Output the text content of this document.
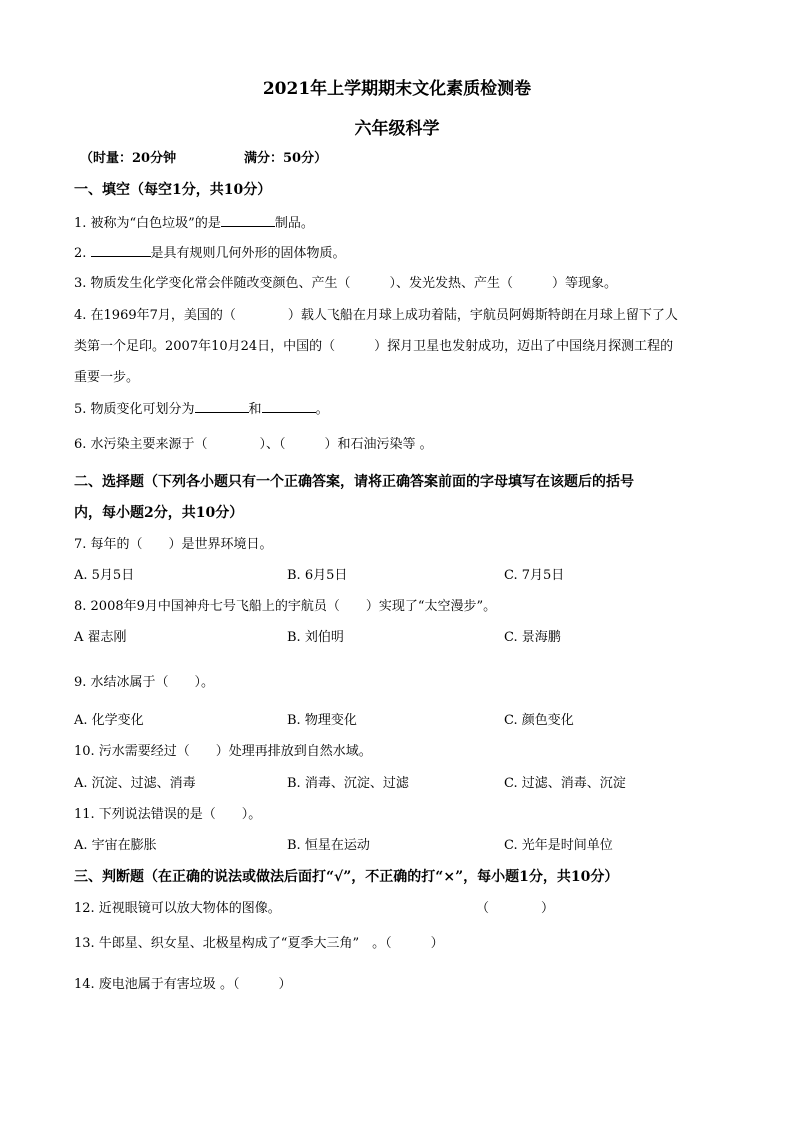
2021年上学期期末文化素质检测卷
六年级科学
（时量：20分钟	满分：50分）
一、填空（每空1分，共10分）
1. 被称为“白色垃圾”的是	制品。
2.	是具有规则几何外形的固体物质。
3. 物质发生化学变化常会伴随改变颜色、产生（　　　）、发光发热、产生（　　　）等现象。
4. 在1969年7月，美国的（　　　　）载人飞船在月球上成功着陆，宇航员阿姆斯特朗在月球上留下了人
类第一个足印。2007年10月24日，中国的（　　　）探月卫星也发射成功，迈出了中国绕月探测工程的
重要一步。
5. 物质变化可划分为	和	。
6. 水污染主要来源于（　　　　）、（　　　）和石油污染等 。
二、选择题（下列各小题只有一个正确答案，请将正确答案前面的字母填写在该题后的括号
内，每小题2分，共10分）
7. 每年的（　　）是世界环境日。
A. 5月5日	B. 6月5日	C. 7月5日
8. 2008年9月中国神舟七号飞船上的宇航员（　　）实现了“太空漫步”。
A 翟志刚	B. 刘伯明	C. 景海鹏
9. 水结冰属于（　　）。
A. 化学变化	B. 物理变化	C. 颜色变化
10. 污水需要经过（　　）处理再排放到自然水域。
A. 沉淀、过滤、消毒	B. 消毒、沉淀、过滤	C. 过滤、消毒、沉淀
11. 下列说法错误的是（　　）。
A. 宇宙在膨胀	B. 恒星在运动	C. 光年是时间单位
三、判断题（在正确的说法或做法后面打“√”，不正确的打“×”，每小题1分，共10分）
12. 近视眼镜可以放大物体的图像。	（　　　　）
13. 牛郎星、织女星、北极星构成了“夏季大三角”　。（　　　）
14. 废电池属于有害垃圾 。（　　　）
